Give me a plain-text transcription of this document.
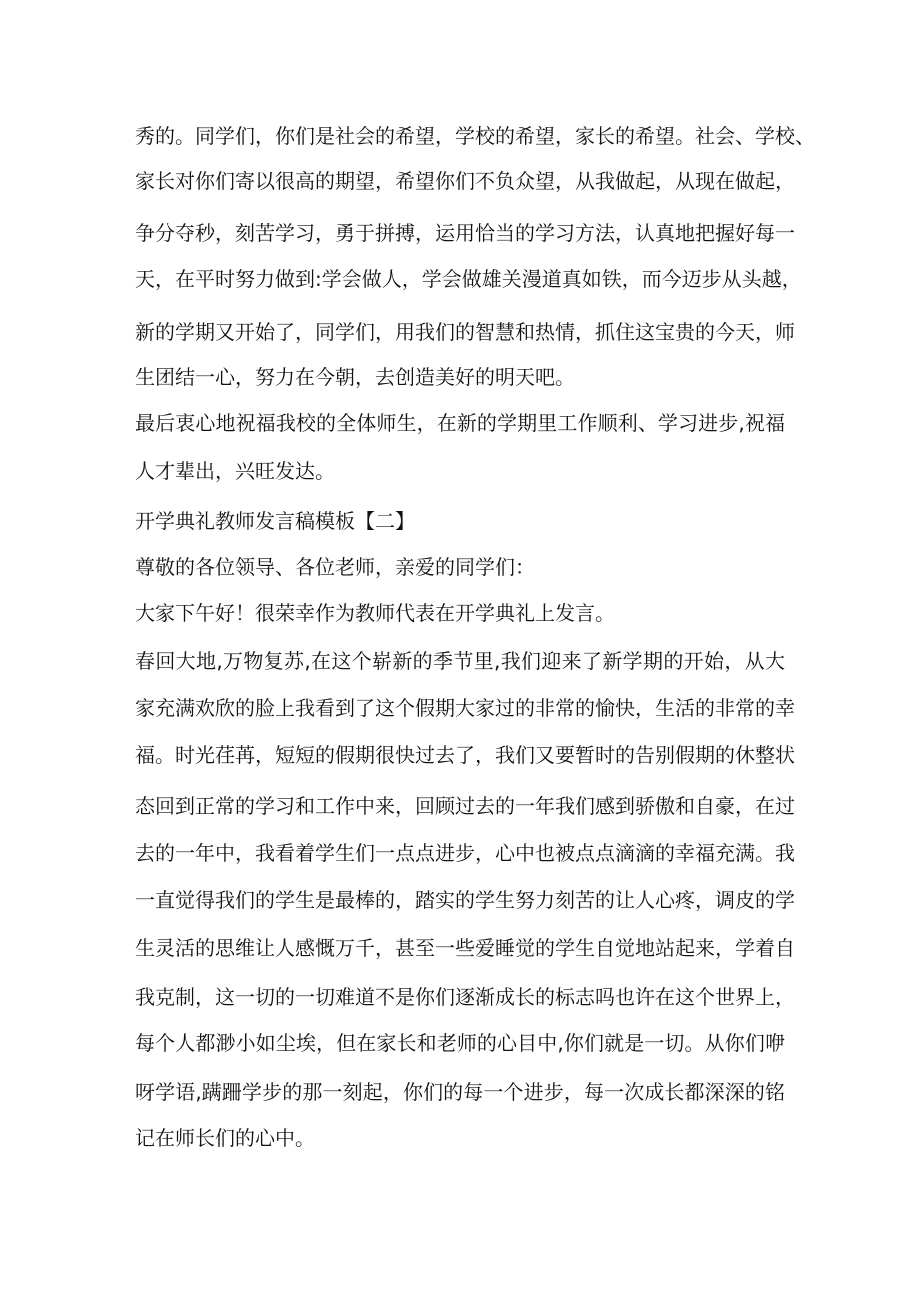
秀的。同学们，你们是社会的希望，学校的希望，家长的希望。社会、学校、

家长对你们寄以很高的期望，希望你们不负众望，从我做起，从现在做起，

争分夺秒，刻苦学习，勇于拼搏，运用恰当的学习方法，认真地把握好每一

天，在平时努力做到:学会做人，学会做雄关漫道真如铁，而今迈步从头越，

新的学期又开始了，同学们，用我们的智慧和热情，抓住这宝贵的今天，师

生团结一心，努力在今朝，去创造美好的明天吧。

最后衷心地祝福我校的全体师生，在新的学期里工作顺利、学习进步,祝福

人才辈出，兴旺发达。

开学典礼教师发言稿模板【二】

尊敬的各位领导、各位老师，亲爱的同学们：

大家下午好！很荣幸作为教师代表在开学典礼上发言。

春回大地,万物复苏,在这个崭新的季节里,我们迎来了新学期的开始，从大

家充满欢欣的脸上我看到了这个假期大家过的非常的愉快，生活的非常的幸

福。时光荏苒，短短的假期很快过去了，我们又要暂时的告别假期的休整状

态回到正常的学习和工作中来，回顾过去的一年我们感到骄傲和自豪，在过

去的一年中，我看着学生们一点点进步，心中也被点点滴滴的幸福充满。我

一直觉得我们的学生是最棒的，踏实的学生努力刻苦的让人心疼，调皮的学

生灵活的思维让人感慨万千，甚至一些爱睡觉的学生自觉地站起来，学着自

我克制，这一切的一切难道不是你们逐渐成长的标志吗也许在这个世界上，

每个人都渺小如尘埃，但在家长和老师的心目中,你们就是一切。从你们咿

呀学语,蹒跚学步的那一刻起，你们的每一个进步，每一次成长都深深的铭

记在师长们的心中。
